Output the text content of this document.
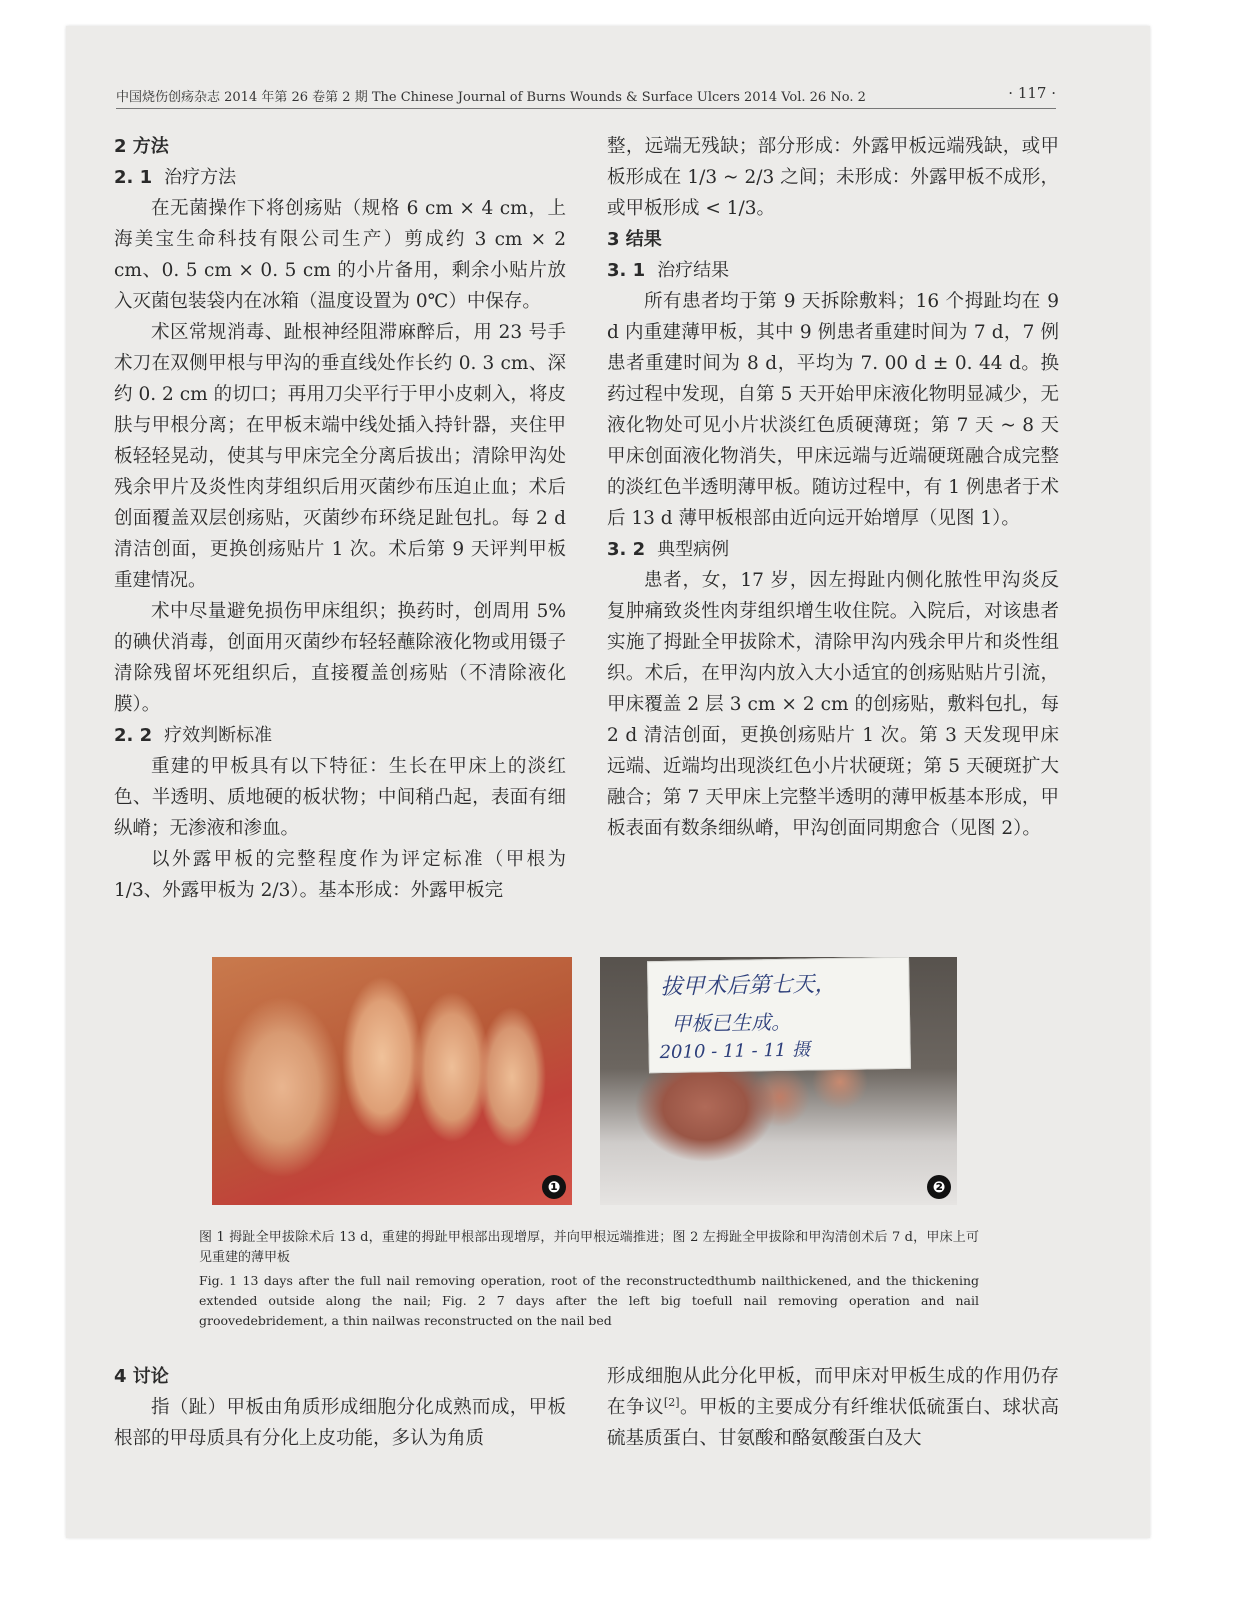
中国烧伤创疡杂志 2014 年第 26 卷第 2 期 The Chinese Journal of Burns Wounds & Surface Ulcers 2014 Vol. 26 No. 2	· 117 ·

2 方法

2. 1 治疗方法

在无菌操作下将创疡贴（规格 6 cm × 4 cm，上海美宝生命科技有限公司生产）剪成约 3 cm × 2 cm、0. 5 cm × 0. 5 cm 的小片备用，剩余小贴片放入灭菌包装袋内在冰箱（温度设置为 0℃）中保存。

术区常规消毒、趾根神经阻滞麻醉后，用 23 号手术刀在双侧甲根与甲沟的垂直线处作长约 0. 3 cm、深约 0. 2 cm 的切口；再用刀尖平行于甲小皮刺入，将皮肤与甲根分离；在甲板末端中线处插入持针器，夹住甲板轻轻晃动，使其与甲床完全分离后拔出；清除甲沟处残余甲片及炎性肉芽组织后用灭菌纱布压迫止血；术后创面覆盖双层创疡贴，灭菌纱布环绕足趾包扎。每 2 d 清洁创面，更换创疡贴片 1 次。术后第 9 天评判甲板重建情况。

术中尽量避免损伤甲床组织；换药时，创周用 5% 的碘伏消毒，创面用灭菌纱布轻轻蘸除液化物或用镊子清除残留坏死组织后，直接覆盖创疡贴（不清除液化膜）。

2. 2 疗效判断标准

重建的甲板具有以下特征：生长在甲床上的淡红色、半透明、质地硬的板状物；中间稍凸起，表面有细纵嵴；无渗液和渗血。

以外露甲板的完整程度作为评定标准（甲根为 1/3、外露甲板为 2/3）。基本形成：外露甲板完

整，远端无残缺；部分形成：外露甲板远端残缺，或甲板形成在 1/3 ~ 2/3 之间；未形成：外露甲板不成形，或甲板形成 < 1/3。

3 结果

3. 1 治疗结果

所有患者均于第 9 天拆除敷料；16 个拇趾均在 9 d 内重建薄甲板，其中 9 例患者重建时间为 7 d，7 例患者重建时间为 8 d，平均为 7. 00 d ± 0. 44 d。换药过程中发现，自第 5 天开始甲床液化物明显减少，无液化物处可见小片状淡红色质硬薄斑；第 7 天 ~ 8 天甲床创面液化物消失，甲床远端与近端硬斑融合成完整的淡红色半透明薄甲板。随访过程中，有 1 例患者于术后 13 d 薄甲板根部由近向远开始增厚（见图 1）。

3. 2 典型病例

患者，女，17 岁，因左拇趾内侧化脓性甲沟炎反复肿痛致炎性肉芽组织增生收住院。入院后，对该患者实施了拇趾全甲拔除术，清除甲沟内残余甲片和炎性组织。术后，在甲沟内放入大小适宜的创疡贴贴片引流，甲床覆盖 2 层 3 cm × 2 cm 的创疡贴，敷料包扎，每 2 d 清洁创面，更换创疡贴片 1 次。第 3 天发现甲床远端、近端均出现淡红色小片状硬斑；第 5 天硬斑扩大融合；第 7 天甲床上完整半透明的薄甲板基本形成，甲板表面有数条细纵嵴，甲沟创面同期愈合（见图 2）。

❶
拔甲术后第七天，
甲板已生成。
2010 - 11 - 11 摄
❷

图 1 拇趾全甲拔除术后 13 d，重建的拇趾甲根部出现增厚，并向甲根远端推进；图 2 左拇趾全甲拔除和甲沟清创术后 7 d，甲床上可见重建的薄甲板

Fig. 1 13 days after the full nail removing operation, root of the reconstructedthumb nailthickened, and the thickening extended outside along the nail; Fig. 2 7 days after the left big toefull nail removing operation and nail groovedebridement, a thin nailwas reconstructed on the nail bed

4 讨论

指（趾）甲板由角质形成细胞分化成熟而成，甲板根部的甲母质具有分化上皮功能，多认为角质

形成细胞从此分化甲板，而甲床对甲板生成的作用仍存在争议[2]。甲板的主要成分有纤维状低硫蛋白、球状高硫基质蛋白、甘氨酸和酪氨酸蛋白及大
